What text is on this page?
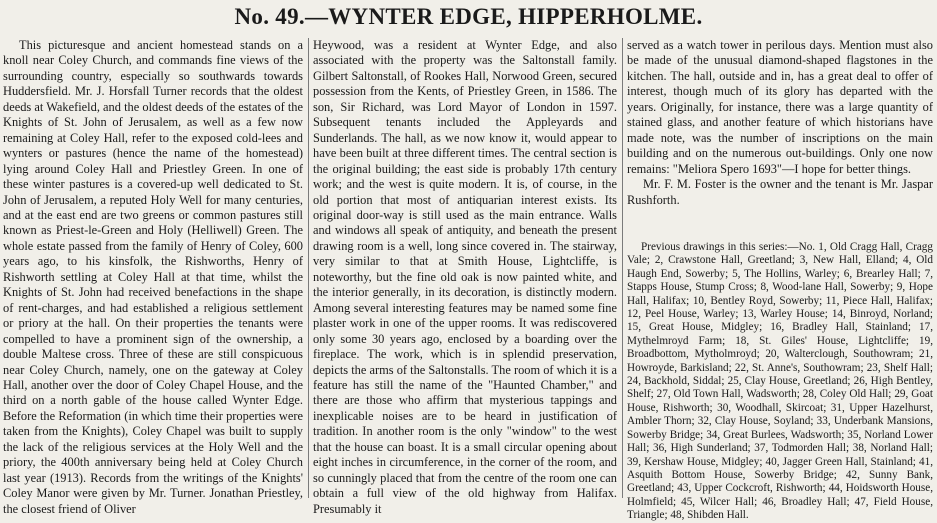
No. 49.—WYNTER EDGE, HIPPERHOLME.

This picturesque and ancient homestead stands on a knoll near Coley Church, and commands fine views of the surrounding country, especially so southwards towards Huddersfield. Mr. J. Horsfall Turner records that the oldest deeds at Wakefield, and the oldest deeds of the estates of the Knights of St. John of Jerusalem, as well as a few now remaining at Coley Hall, refer to the exposed cold-lees and wynters or pastures (hence the name of the homestead) lying around Coley Hall and Priestley Green. In one of these winter pastures is a covered-up well dedicated to St. John of Jerusalem, a reputed Holy Well for many centuries, and at the east end are two greens or common pastures still known as Priest-le-Green and Holy (Helliwell) Green. The whole estate passed from the family of Henry of Coley, 600 years ago, to his kinsfolk, the Rishworths, Henry of Rishworth settling at Coley Hall at that time, whilst the Knights of St. John had received benefactions in the shape of rent-charges, and had established a religious settlement or priory at the hall. On their properties the tenants were compelled to have a prominent sign of the ownership, a double Maltese cross. Three of these are still conspicuous near Coley Church, namely, one on the gateway at Coley Hall, another over the door of Coley Chapel House, and the third on a north gable of the house called Wynter Edge. Before the Reformation (in which time their properties were taken from the Knights), Coley Chapel was built to supply the lack of the religious services at the Holy Well and the priory, the 400th anniversary being held at Coley Church last year (1913). Records from the writings of the Knights' Coley Manor were given by Mr. Turner. Jonathan Priestley, the closest friend of Oliver

Heywood, was a resident at Wynter Edge, and also associated with the property was the Saltonstall family. Gilbert Saltonstall, of Rookes Hall, Norwood Green, secured possession from the Kents, of Priestley Green, in 1586. The son, Sir Richard, was Lord Mayor of London in 1597. Subsequent tenants included the Appleyards and Sunderlands. The hall, as we now know it, would appear to have been built at three different times. The central section is the original building; the east side is probably 17th century work; and the west is quite modern. It is, of course, in the old portion that most of antiquarian interest exists. Its original door-way is still used as the main entrance. Walls and windows all speak of antiquity, and beneath the present drawing room is a well, long since covered in. The stairway, very similar to that at Smith House, Lightcliffe, is noteworthy, but the fine old oak is now painted white, and the interior generally, in its decoration, is distinctly modern. Among several interesting features may be named some fine plaster work in one of the upper rooms. It was rediscovered only some 30 years ago, enclosed by a boarding over the fireplace. The work, which is in splendid preservation, depicts the arms of the Saltonstalls. The room of which it is a feature has still the name of the "Haunted Chamber," and there are those who affirm that mysterious tappings and inexplicable noises are to be heard in justification of tradition. In another room is the only "window" to the west that the house can boast. It is a small circular opening about eight inches in circumference, in the corner of the room, and so cunningly placed that from the centre of the room one can obtain a full view of the old highway from Halifax. Presumably it

served as a watch tower in perilous days. Mention must also be made of the unusual diamond-shaped flagstones in the kitchen. The hall, outside and in, has a great deal to offer of interest, though much of its glory has departed with the years. Originally, for instance, there was a large quantity of stained glass, and another feature of which historians have made note, was the number of inscriptions on the main building and on the numerous out-buildings. Only one now remains: "Meliora Spero 1693"—I hope for better things.

Mr. F. M. Foster is the owner and the tenant is Mr. Jaspar Rushforth.

Previous drawings in this series:—No. 1, Old Cragg Hall, Cragg Vale; 2, Crawstone Hall, Greetland; 3, New Hall, Elland; 4, Old Haugh End, Sowerby; 5, The Hollins, Warley; 6, Brearley Hall; 7, Stapps House, Stump Cross; 8, Wood-lane Hall, Sowerby; 9, Hope Hall, Halifax; 10, Bentley Royd, Sowerby; 11, Piece Hall, Halifax; 12, Peel House, Warley; 13, Warley House; 14, Binroyd, Norland; 15, Great House, Midgley; 16, Bradley Hall, Stainland; 17, Mythelmroyd Farm; 18, St. Giles' House, Lightcliffe; 19, Broadbottom, Mytholmroyd; 20, Walterclough, Southowram; 21, Howroyde, Barkisland; 22, St. Anne's, Southowram; 23, Shelf Hall; 24, Backhold, Siddal; 25, Clay House, Greetland; 26, High Bentley, Shelf; 27, Old Town Hall, Wadsworth; 28, Coley Old Hall; 29, Goat House, Rishworth; 30, Woodhall, Skircoat; 31, Upper Hazelhurst, Ambler Thorn; 32, Clay House, Soyland; 33, Underbank Mansions, Sowerby Bridge; 34, Great Burlees, Wadsworth; 35, Norland Lower Hall; 36, High Sunderland; 37, Todmorden Hall; 38, Norland Hall; 39, Kershaw House, Midgley; 40, Jagger Green Hall, Stainland; 41, Asquith Bottom House, Sowerby Bridge; 42, Sunny Bank, Greetland; 43, Upper Cockcroft, Rishworth; 44, Hoidsworth House, Holmfield; 45, Wilcer Hall; 46, Broadley Hall; 47, Field House, Triangle; 48, Shibden Hall.
